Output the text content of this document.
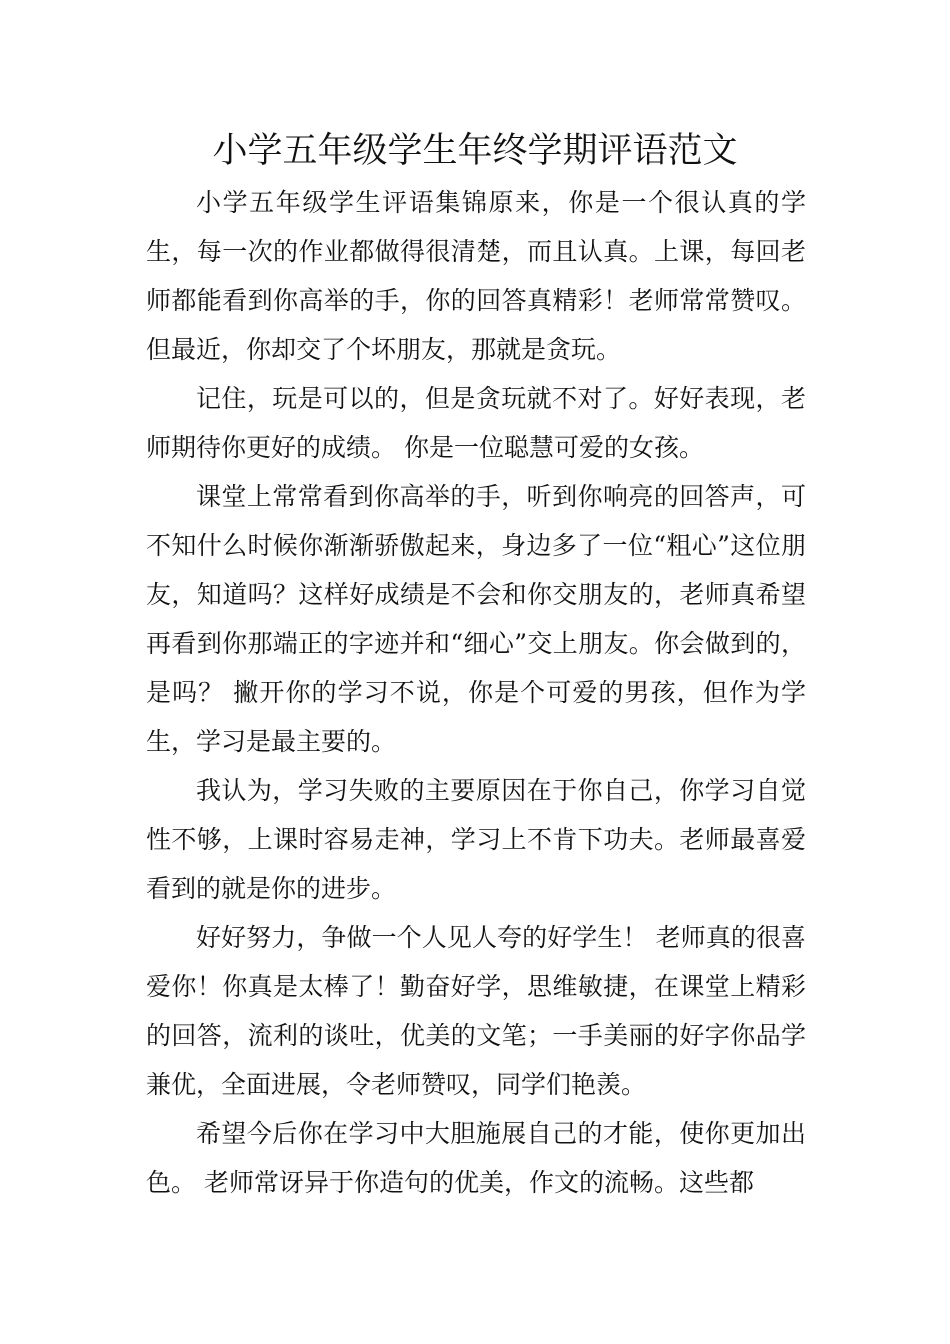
小学五年级学生年终学期评语范文

小学五年级学生评语集锦原来，你是一个很认真的学生，每一次的作业都做得很清楚，而且认真。上课，每回老师都能看到你高举的手，你的回答真精彩！老师常常赞叹。但最近，你却交了个坏朋友，那就是贪玩。

记住，玩是可以的，但是贪玩就不对了。好好表现，老师期待你更好的成绩。 你是一位聪慧可爱的女孩。

课堂上常常看到你高举的手，听到你响亮的回答声，可不知什么时候你渐渐骄傲起来，身边多了一位“粗心”这位朋友，知道吗？这样好成绩是不会和你交朋友的，老师真希望再看到你那端正的字迹并和“细心”交上朋友。你会做到的，是吗？ 撇开你的学习不说，你是个可爱的男孩，但作为学生，学习是最主要的。

我认为，学习失败的主要原因在于你自己，你学习自觉性不够，上课时容易走神，学习上不肯下功夫。老师最喜爱看到的就是你的进步。

好好努力，争做一个人见人夸的好学生！ 老师真的很喜爱你！你真是太棒了！勤奋好学，思维敏捷，在课堂上精彩的回答，流利的谈吐，优美的文笔；一手美丽的好字你品学兼优，全面进展，令老师赞叹，同学们艳羡。

希望今后你在学习中大胆施展自己的才能，使你更加出色。 老师常讶异于你造句的优美，作文的流畅。这些都
